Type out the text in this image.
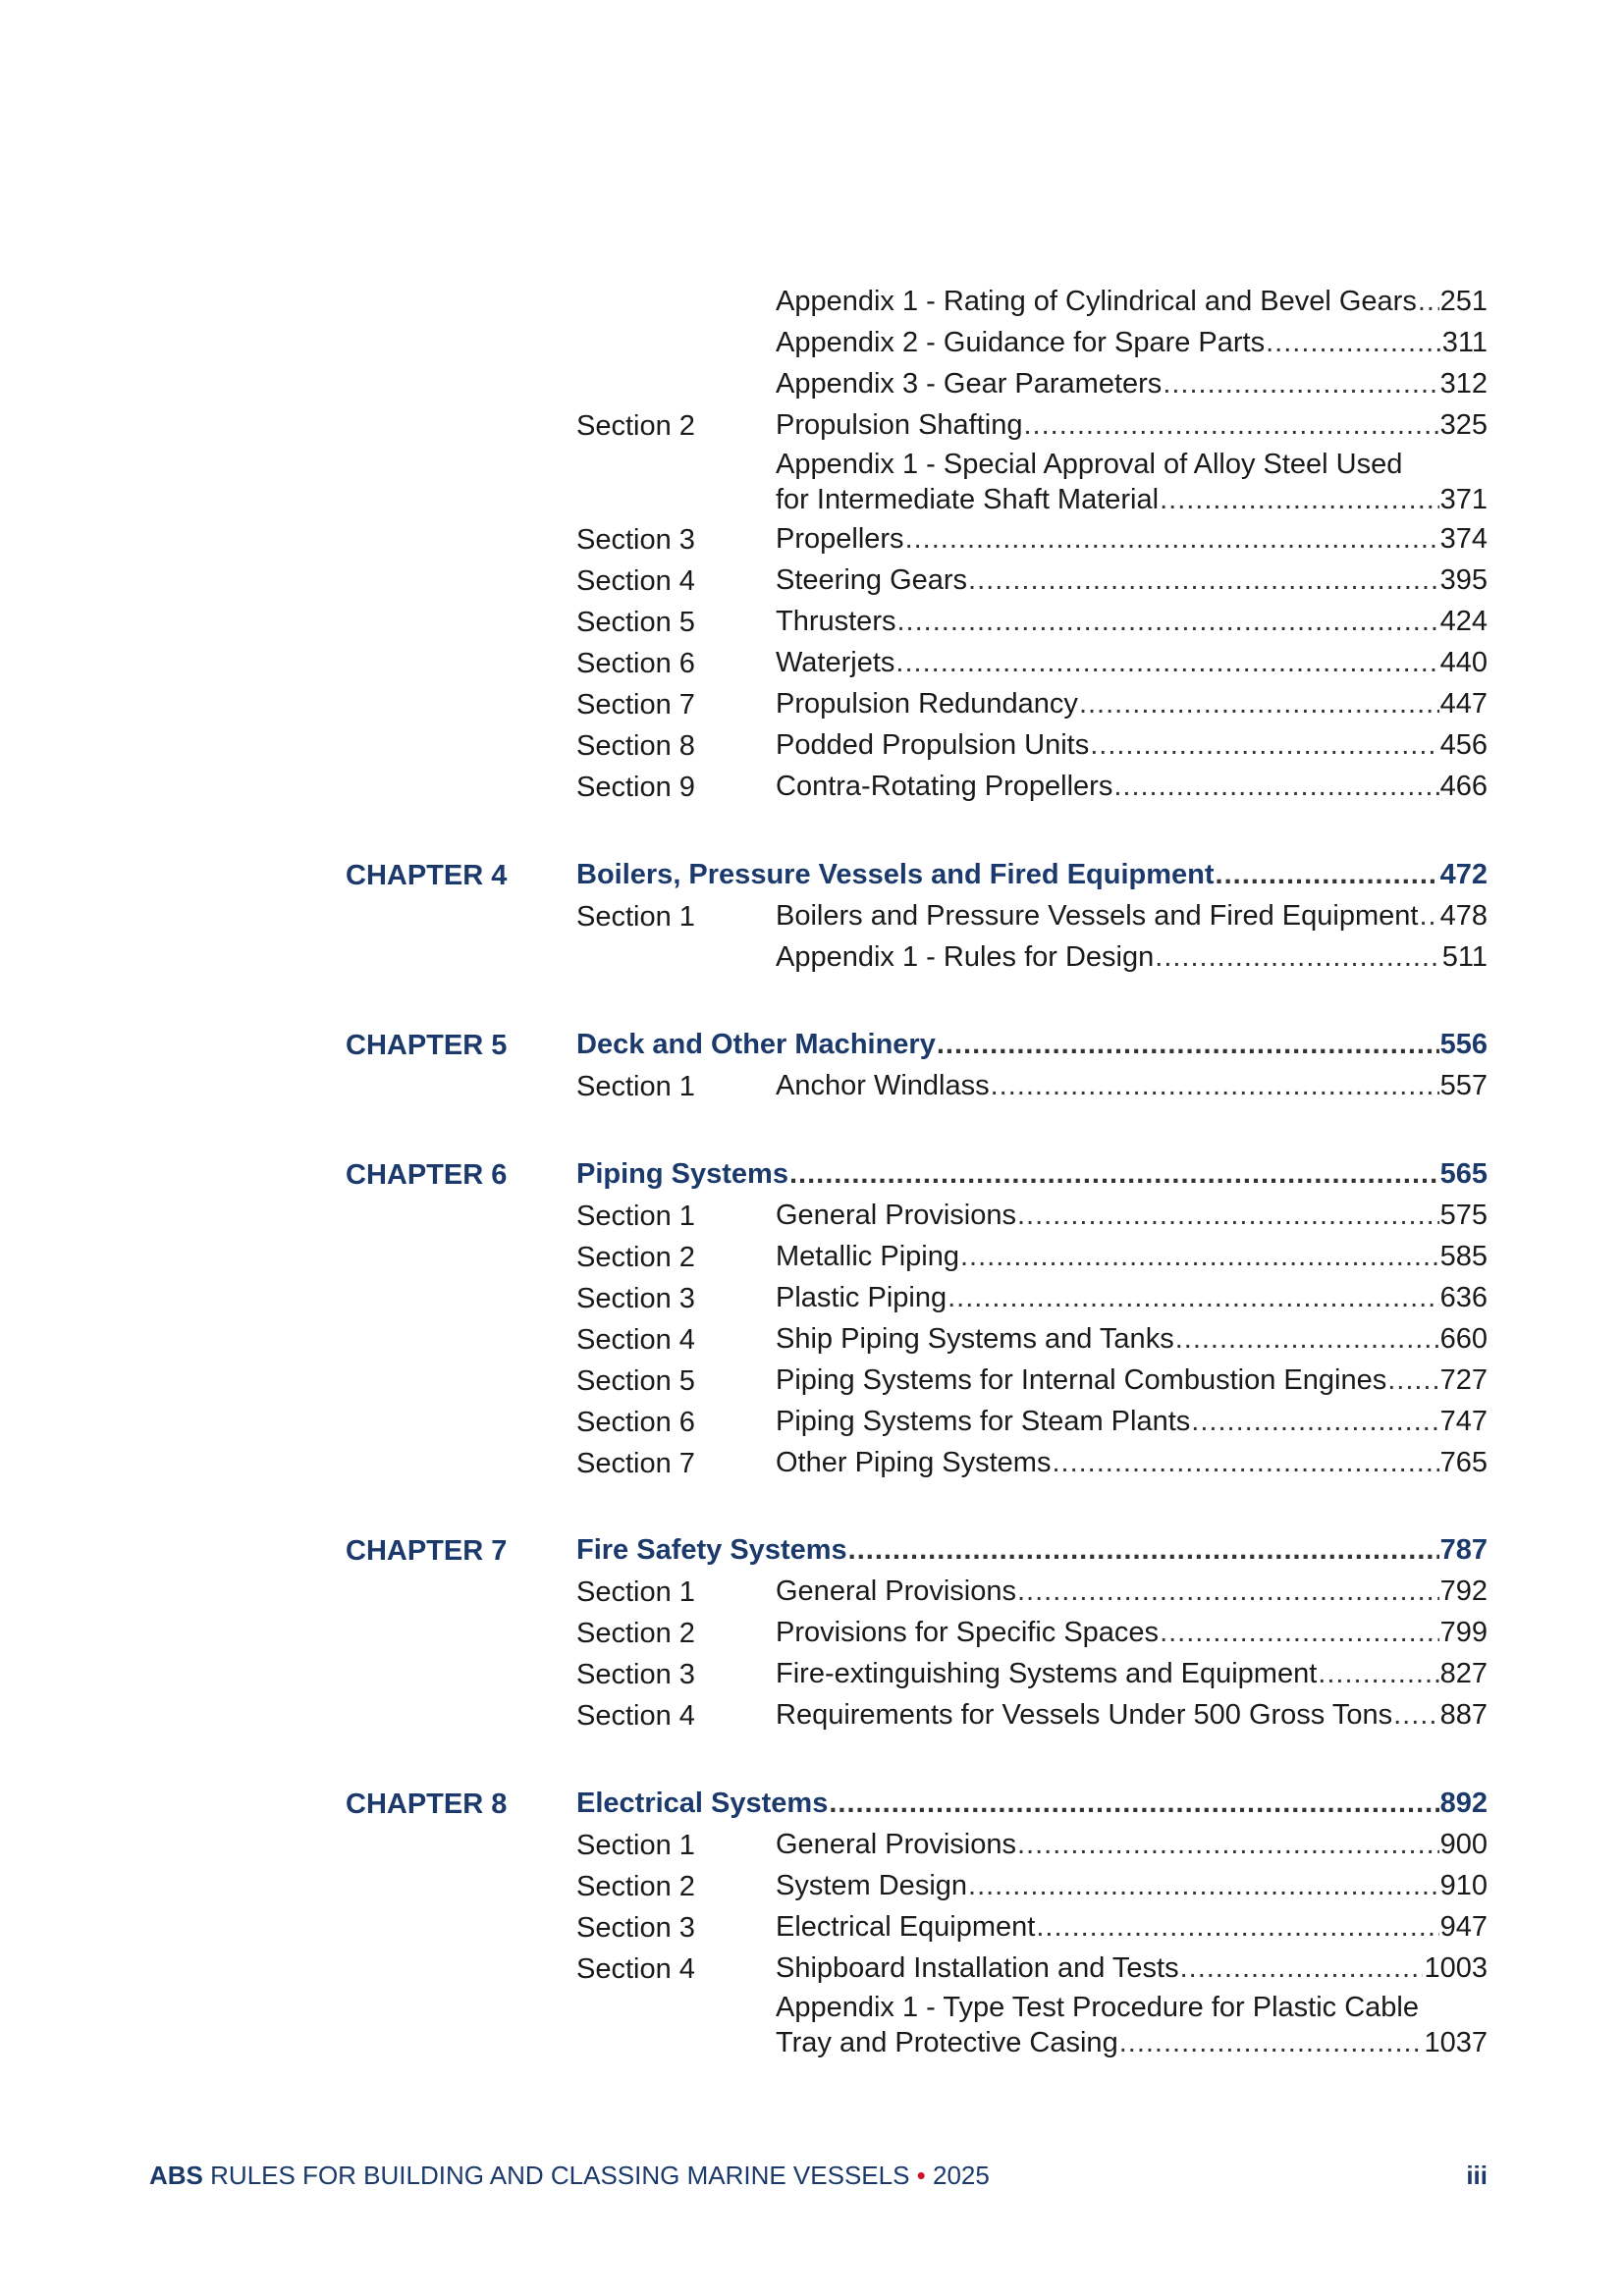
Appendix 1 - Rating of Cylindrical and Bevel Gears ..... 251
Appendix 2 - Guidance for Spare Parts .....	311
Appendix 3 - Gear Parameters .....	312
Section 2	Propulsion Shafting .....	325
Appendix 1 - Special Approval of Alloy Steel Used
for Intermediate Shaft Material .....	371
Section 3	Propellers .....	374
Section 4	Steering Gears .....	395
Section 5	Thrusters .....	424
Section 6	Waterjets .....	440
Section 7	Propulsion Redundancy .....	447
Section 8	Podded Propulsion Units .....	456
Section 9	Contra-Rotating Propellers .....	466
CHAPTER 4 Boilers, Pressure Vessels and Fired Equipment .....	472
Section 1	Boilers and Pressure Vessels and Fired Equipment ..... 478
Appendix 1 - Rules for Design .....	511
CHAPTER 5 Deck and Other Machinery .....	556
Section 1	Anchor Windlass .....	557
CHAPTER 6 Piping Systems .....	565
Section 1	General Provisions .....	575
Section 2	Metallic Piping .....	585
Section 3	Plastic Piping .....	636
Section 4	Ship Piping Systems and Tanks .....	660
Section 5	Piping Systems for Internal Combustion Engines ..... 727
Section 6	Piping Systems for Steam Plants .....	747
Section 7	Other Piping Systems .....	765
CHAPTER 7 Fire Safety Systems .....	787
Section 1	General Provisions .....	792
Section 2	Provisions for Specific Spaces .....	799
Section 3	Fire-extinguishing Systems and Equipment .....	827
Section 4	Requirements for Vessels Under 500 Gross Tons ..... 887
CHAPTER 8 Electrical Systems .....	892
Section 1	General Provisions .....	900
Section 2	System Design .....	910
Section 3	Electrical Equipment .....	947
Section 4	Shipboard Installation and Tests .....	1003
Appendix 1 - Type Test Procedure for Plastic Cable
Tray and Protective Casing .....	1037
ABS RULES FOR BUILDING AND CLASSING MARINE VESSELS • 2025	iii
